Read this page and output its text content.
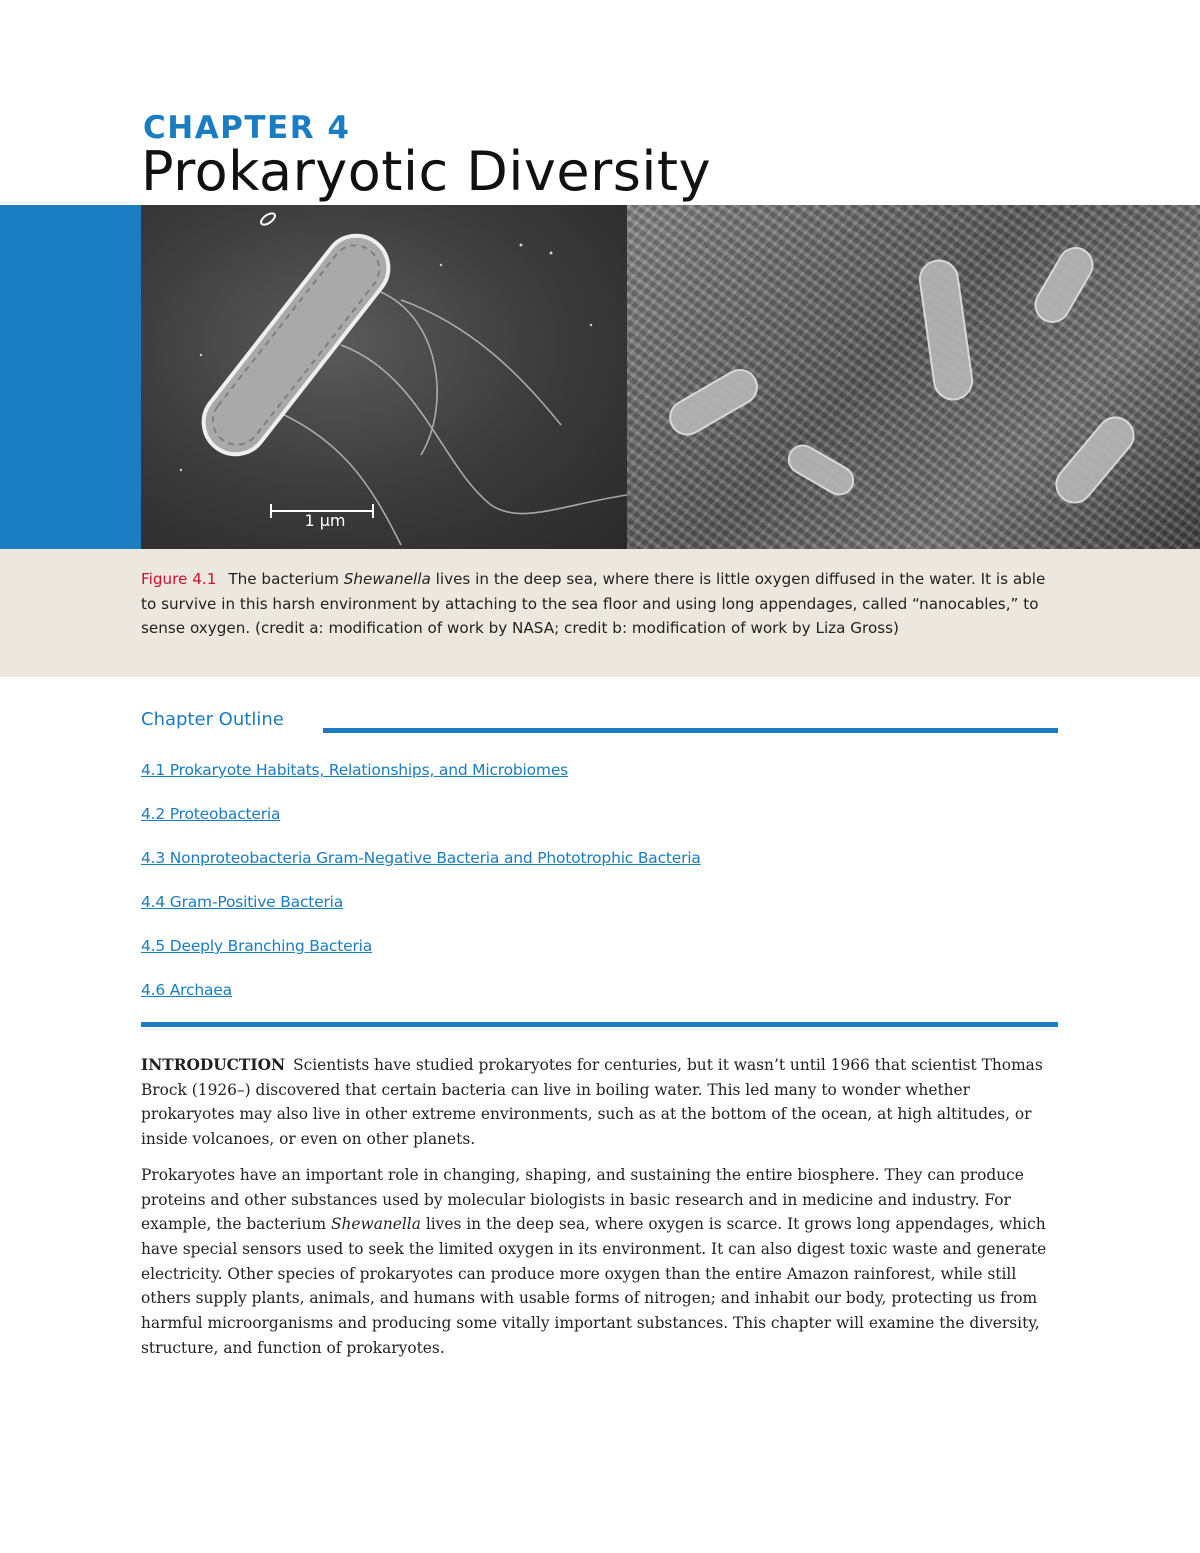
CHAPTER 4
Prokaryotic Diversity
1 μm
Figure 4.1 The bacterium Shewanella lives in the deep sea, where there is little oxygen diffused in the water. It is able to survive in this harsh environment by attaching to the sea floor and using long appendages, called “nanocables,” to sense oxygen. (credit a: modification of work by NASA; credit b: modification of work by Liza Gross)
Chapter Outline
4.1 Prokaryote Habitats, Relationships, and Microbiomes
4.2 Proteobacteria
4.3 Nonproteobacteria Gram-Negative Bacteria and Phototrophic Bacteria
4.4 Gram-Positive Bacteria
4.5 Deeply Branching Bacteria
4.6 Archaea

INTRODUCTION Scientists have studied prokaryotes for centuries, but it wasn’t until 1966 that scientist Thomas Brock (1926–) discovered that certain bacteria can live in boiling water. This led many to wonder whether prokaryotes may also live in other extreme environments, such as at the bottom of the ocean, at high altitudes, or inside volcanoes, or even on other planets.

Prokaryotes have an important role in changing, shaping, and sustaining the entire biosphere. They can produce proteins and other substances used by molecular biologists in basic research and in medicine and industry. For example, the bacterium Shewanella lives in the deep sea, where oxygen is scarce. It grows long appendages, which have special sensors used to seek the limited oxygen in its environment. It can also digest toxic waste and generate electricity. Other species of prokaryotes can produce more oxygen than the entire Amazon rainforest, while still others supply plants, animals, and humans with usable forms of nitrogen; and inhabit our body, protecting us from harmful microorganisms and producing some vitally important substances. This chapter will examine the diversity, structure, and function of prokaryotes.
